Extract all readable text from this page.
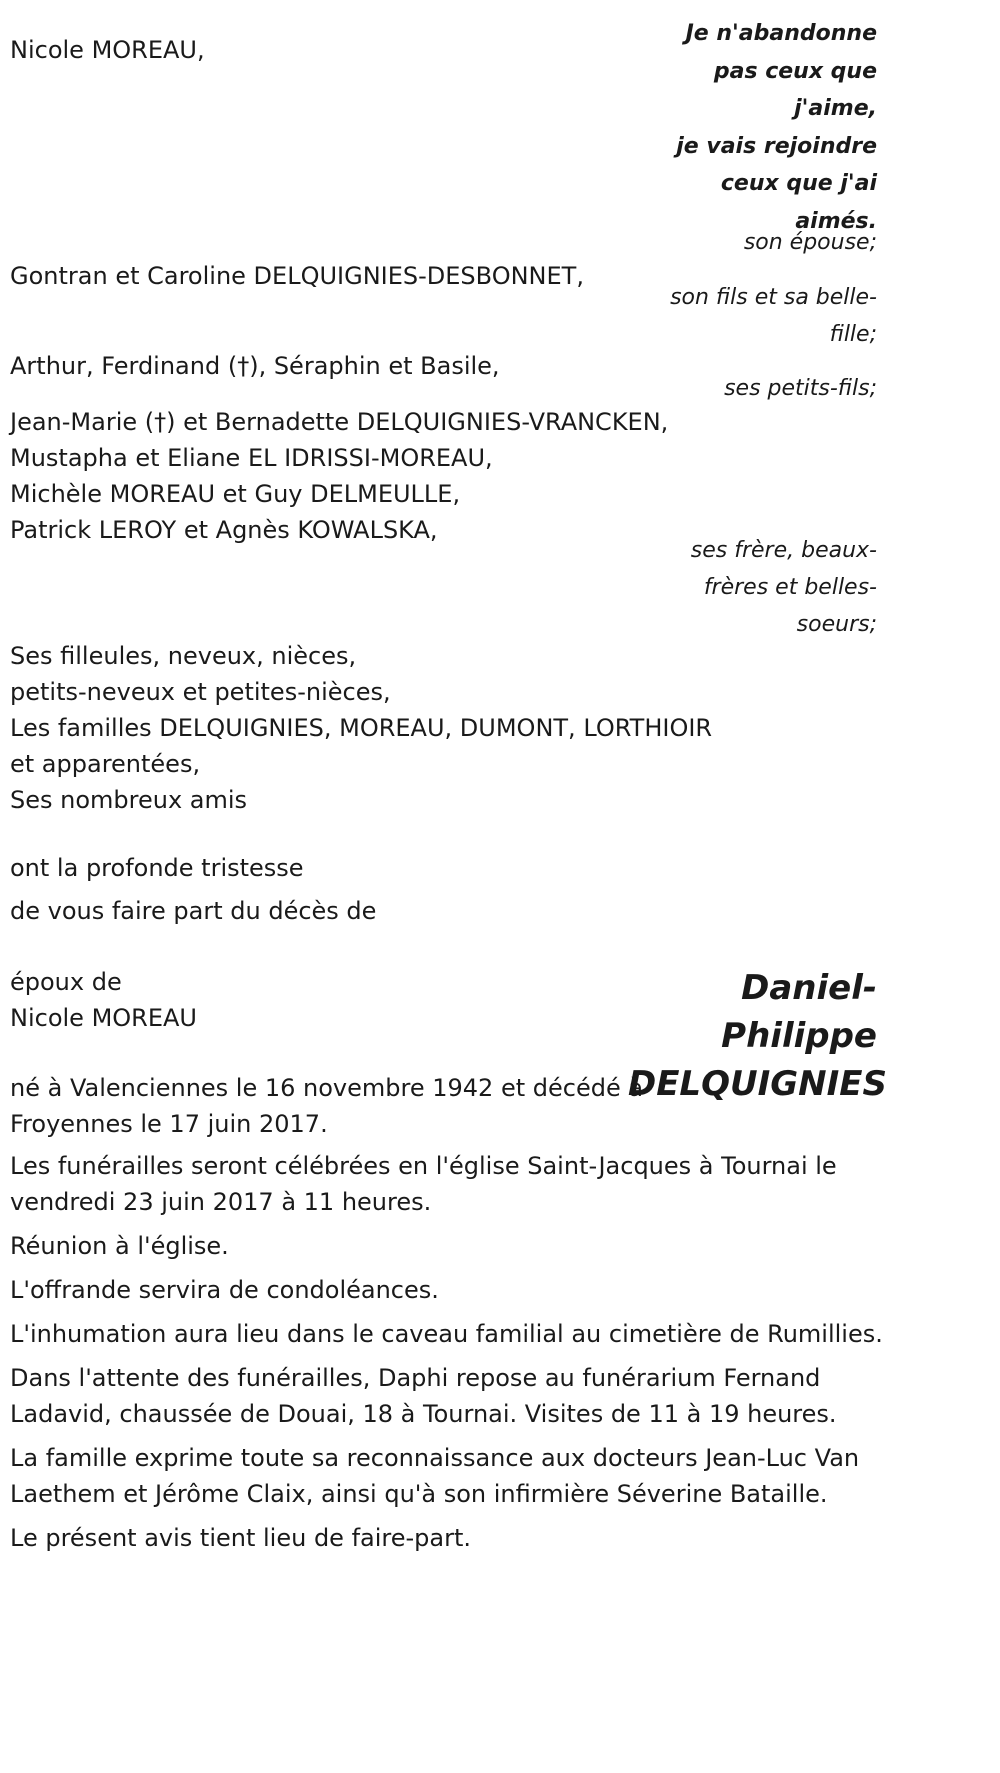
Je n'abandonne
pas ceux que
j'aime,
je vais rejoindre
ceux que j'ai
aimés.
Nicole MOREAU,
son épouse;
Gontran et Caroline DELQUIGNIES-DESBONNET,
son fils et sa belle-
fille;
Arthur, Ferdinand (†), Séraphin et Basile,
ses petits-fils;
Jean-Marie (†) et Bernadette DELQUIGNIES-VRANCKEN,
Mustapha et Eliane EL IDRISSI-MOREAU,
Michèle MOREAU et Guy DELMEULLE,
Patrick LEROY et Agnès KOWALSKA,
ses frère, beaux-
frères et belles-
soeurs;
Ses filleules, neveux, nièces,
petits-neveux et petites-nièces,
Les familles DELQUIGNIES, MOREAU, DUMONT, LORTHIOIR
et apparentées,
Ses nombreux amis
ont la profonde tristesse
de vous faire part du décès de
époux de
Nicole MOREAU
Daniel-
Philippe
DELQUIGNIES
né à Valenciennes le 16 novembre 1942 et décédé à
Froyennes le 17 juin 2017.
Les funérailles seront célébrées en l'église Saint-Jacques à Tournai le
vendredi 23 juin 2017 à 11 heures.
Réunion à l'église.
L'offrande servira de condoléances.
L'inhumation aura lieu dans le caveau familial au cimetière de Rumillies.
Dans l'attente des funérailles, Daphi repose au funérarium Fernand
Ladavid, chaussée de Douai, 18 à Tournai. Visites de 11 à 19 heures.
La famille exprime toute sa reconnaissance aux docteurs Jean-Luc Van
Laethem et Jérôme Claix, ainsi qu'à son infirmière Séverine Bataille.
Le présent avis tient lieu de faire-part.
